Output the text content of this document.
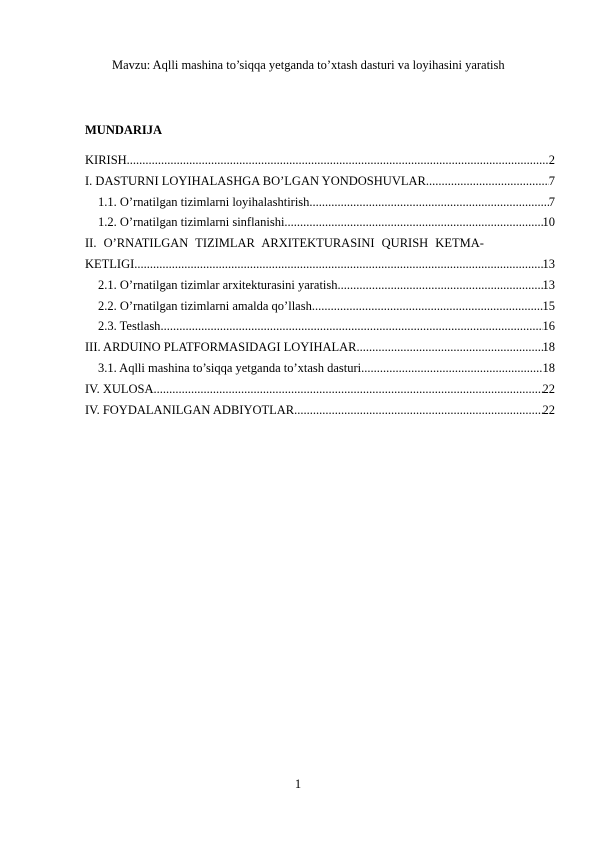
Mavzu: Aqlli mashina to’siqqa yetganda to’xtash dasturi va loyihasini yaratish
MUNDARIJA
KIRISH .....	2
I. DASTURNI LOYIHALASHGA BO’LGAN YONDOSHUVLAR .....	7
1.1. O’rnatilgan tizimlarni loyihalashtirish .....	7
1.2. O’rnatilgan tizimlarni sinflanishi .....	10
II. O’RNATILGAN TIZIMLAR ARXITEKTURASINI QURISH KETMA-
KETLIGI .....	13
2.1. O’rnatilgan tizimlar arxitekturasini yaratish .....	13
2.2. O’rnatilgan tizimlarni amalda qo’llash .....	15
2.3. Testlash .....	16
III. ARDUINO PLATFORMASIDAGI LOYIHALAR .....	18
3.1. Aqlli mashina to’siqqa yetganda to’xtash dasturi .....	18
IV. XULOSA .....	22
IV. FOYDALANILGAN ADBIYOTLAR .....	22
1
